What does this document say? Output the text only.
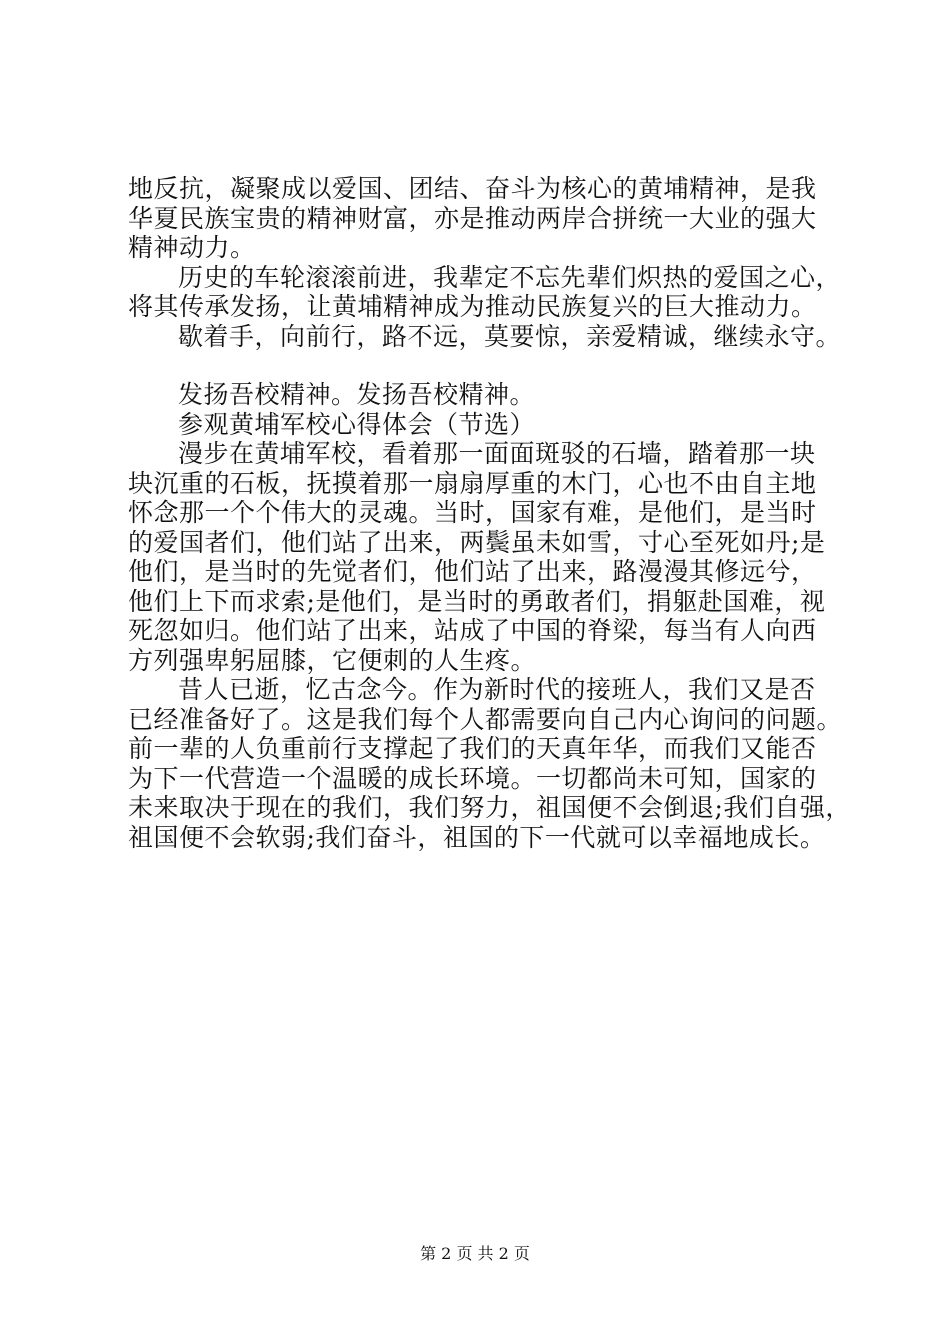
地反抗，凝聚成以爱国、团结、奋斗为核心的黄埔精神，是我
华夏民族宝贵的精神财富，亦是推动两岸合拼统一大业的强大
精神动力。
历史的车轮滚滚前进，我辈定不忘先辈们炽热的爱国之心，
将其传承发扬，让黄埔精神成为推动民族复兴的巨大推动力。
歇着手，向前行，路不远，莫要惊，亲爱精诚，继续永守。
发扬吾校精神。发扬吾校精神。
参观黄埔军校心得体会（节选）
漫步在黄埔军校，看着那一面面斑驳的石墙，踏着那一块
块沉重的石板，抚摸着那一扇扇厚重的木门，心也不由自主地
怀念那一个个伟大的灵魂。当时，国家有难，是他们，是当时
的爱国者们，他们站了出来，两鬓虽未如雪，寸心至死如丹;是
他们，是当时的先觉者们，他们站了出来，路漫漫其修远兮，
他们上下而求索;是他们，是当时的勇敢者们，捐躯赴国难，视
死忽如归。他们站了出来，站成了中国的脊梁，每当有人向西
方列强卑躬屈膝，它便刺的人生疼。
昔人已逝，忆古念今。作为新时代的接班人，我们又是否
已经准备好了。这是我们每个人都需要向自己内心询问的问题。
前一辈的人负重前行支撑起了我们的天真年华，而我们又能否
为下一代营造一个温暖的成长环境。一切都尚未可知，国家的
未来取决于现在的我们，我们努力，祖国便不会倒退;我们自强，
祖国便不会软弱;我们奋斗，祖国的下一代就可以幸福地成长。
第 2 页 共 2 页
